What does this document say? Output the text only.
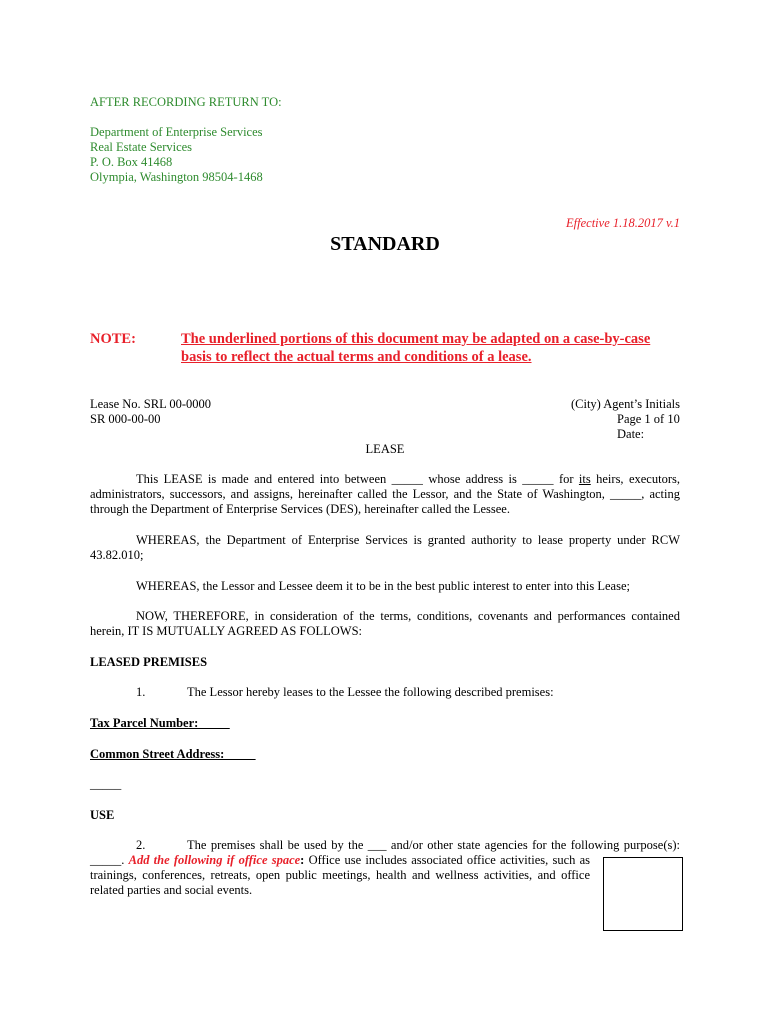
AFTER RECORDING RETURN TO:
Department of Enterprise Services
Real Estate Services
P. O. Box 41468
Olympia, Washington 98504-1468
Effective 1.18.2017 v.1
STANDARD
NOTE:	The underlined portions of this document may be adapted on a case-by-case
basis to reflect the actual terms and conditions of a lease.
Lease No. SRL 00-0000
SR 000-00-00
(City) Agent’s Initials
Page 1 of 10
Date:
LEASE
This LEASE is made and entered into between _____ whose address is _____ for its heirs, executors,
administrators, successors, and assigns, hereinafter called the Lessor, and the State of Washington, _____, acting
through the Department of Enterprise Services (DES), hereinafter called the Lessee.
WHEREAS, the Department of Enterprise Services is granted authority to lease property under RCW
43.82.010;
WHEREAS, the Lessor and Lessee deem it to be in the best public interest to enter into this Lease;
NOW, THEREFORE, in consideration of the terms, conditions, covenants and performances contained
herein, IT IS MUTUALLY AGREED AS FOLLOWS:
LEASED PREMISES
1.	The Lessor hereby leases to the Lessee the following described premises:
Tax Parcel Number:_____
Common Street Address:_____
_____
USE
2.	The premises shall be used by the ___ and/or other state agencies for the following purpose(s):
_____. Add the following if office space: Office use includes associated office activities, such as
trainings, conferences, retreats, open public meetings, health and wellness activities, and office
related parties and social events.
